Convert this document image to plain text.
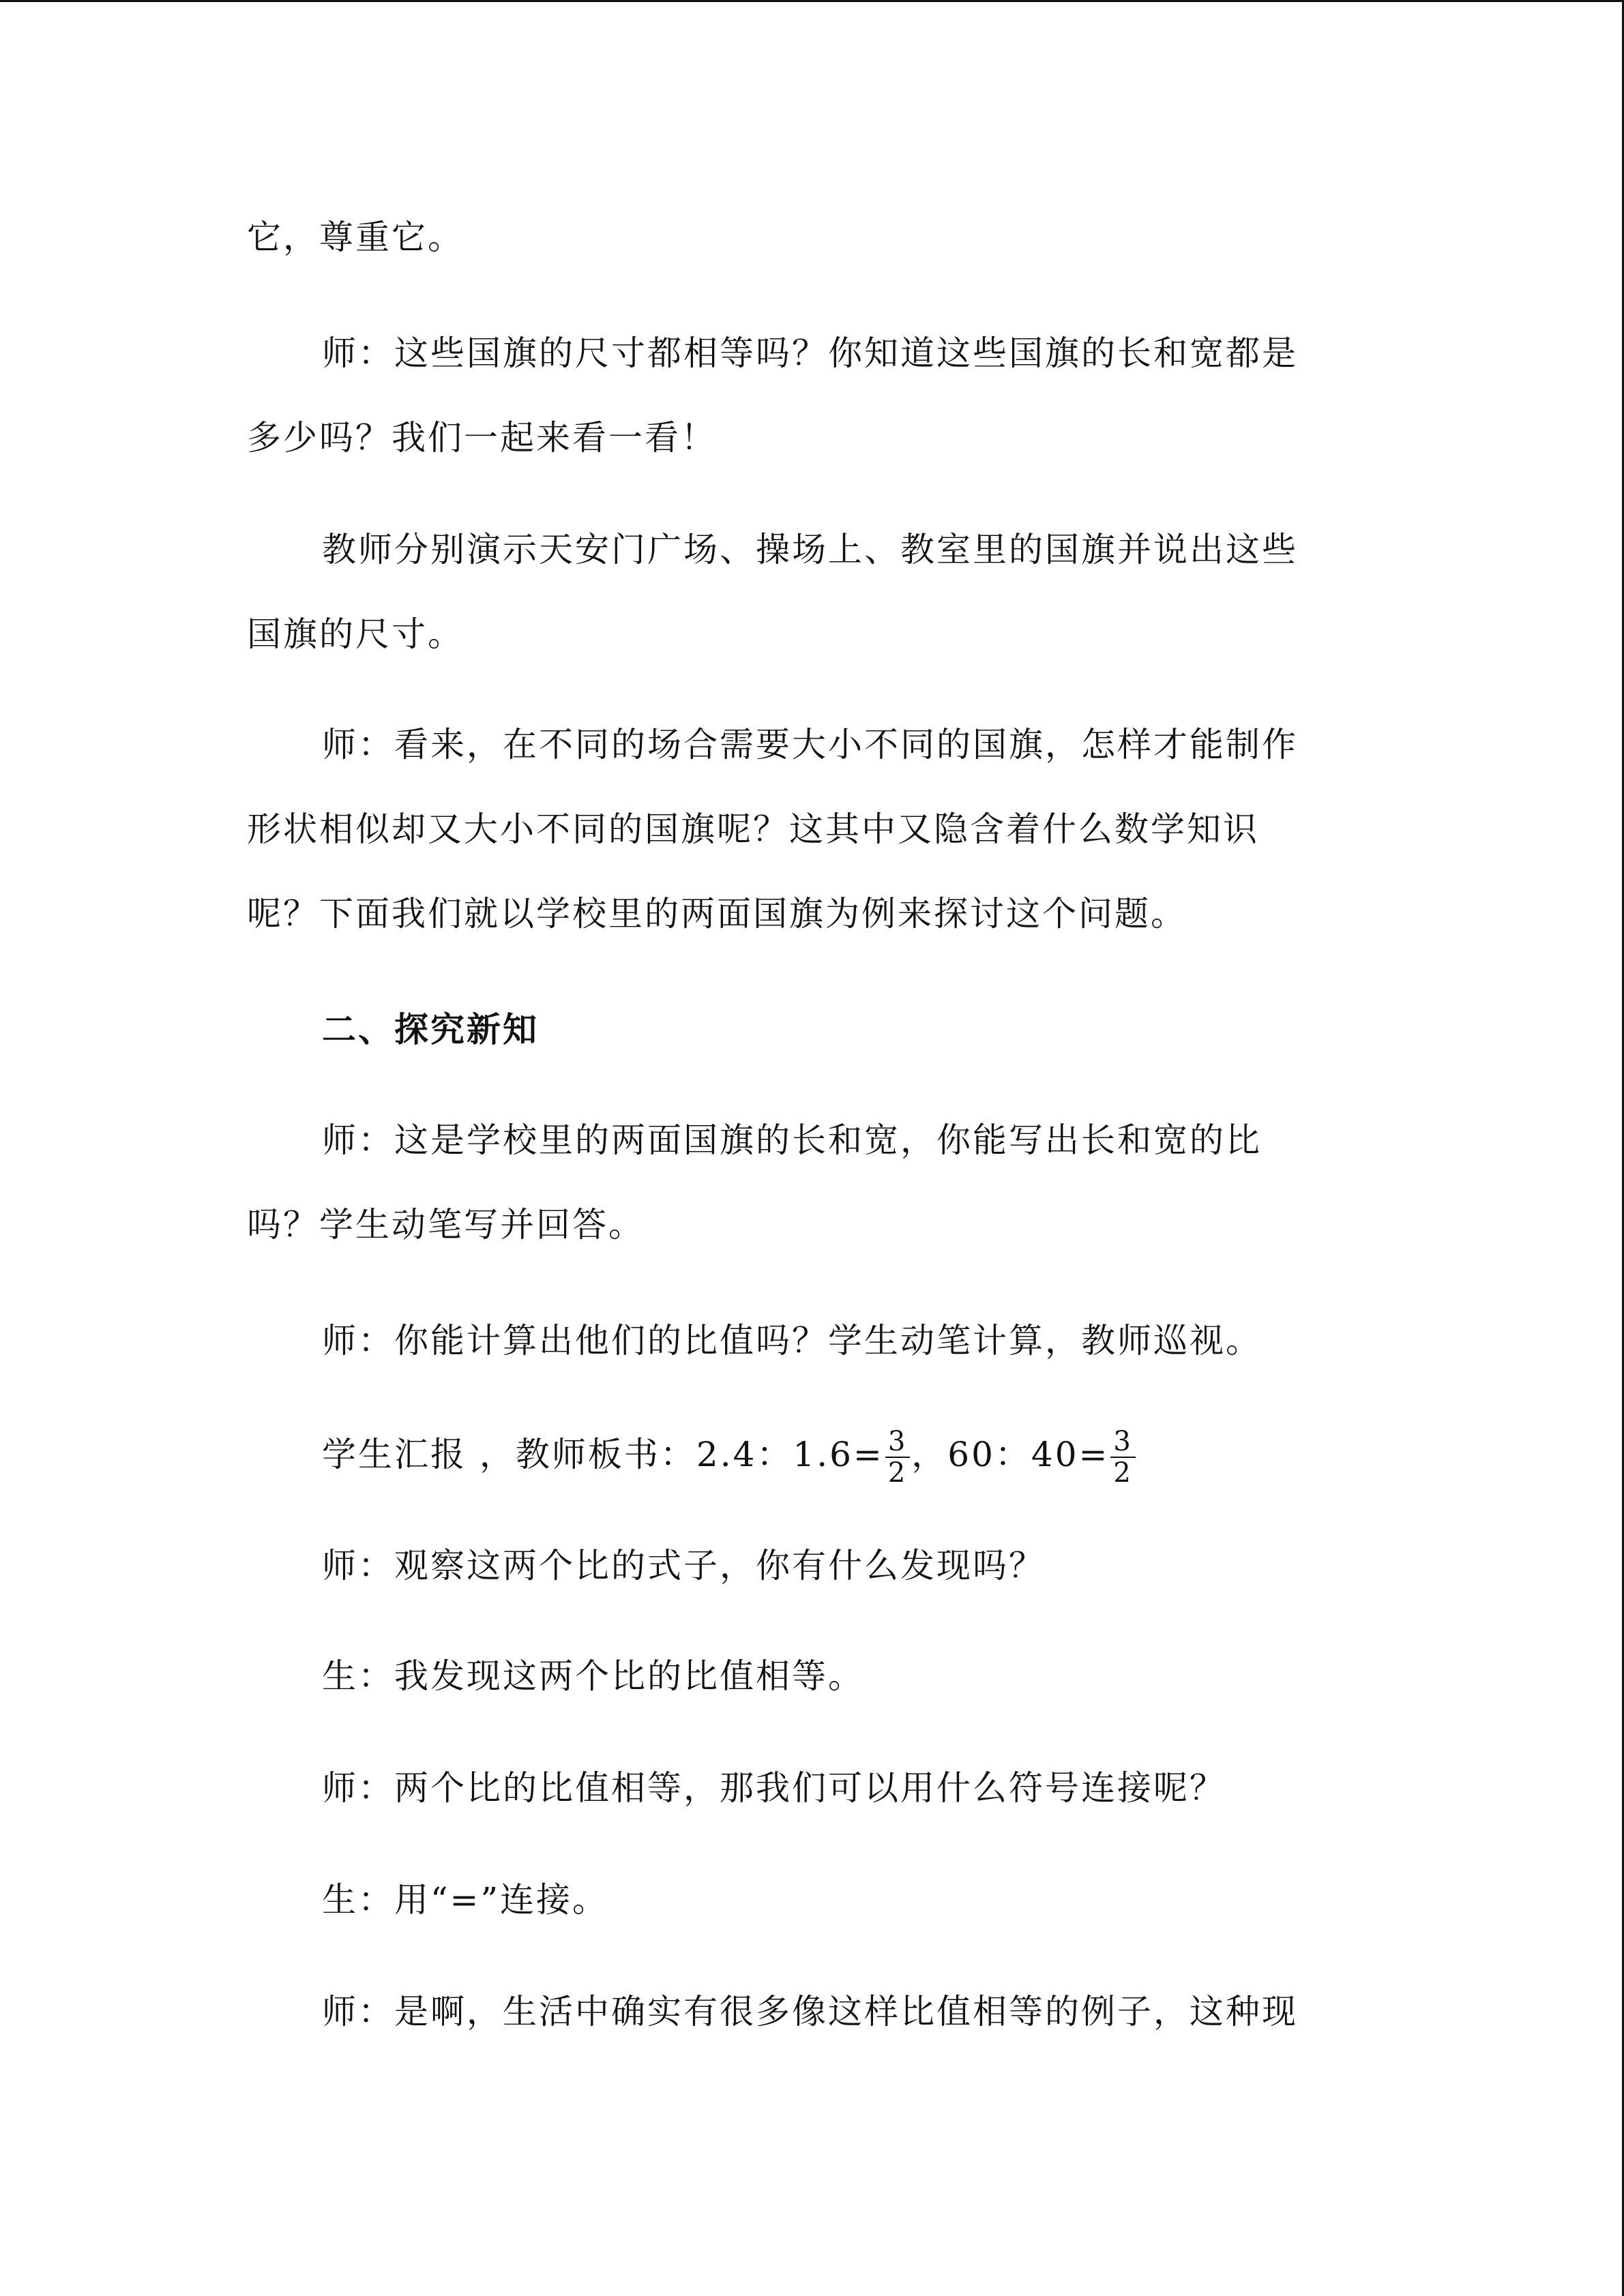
它，尊重它。
师：这些国旗的尺寸都相等吗？你知道这些国旗的长和宽都是
多少吗？我们一起来看一看！
教师分别演示天安门广场、操场上、教室里的国旗并说出这些
国旗的尺寸。
师：看来，在不同的场合需要大小不同的国旗，怎样才能制作
形状相似却又大小不同的国旗呢？这其中又隐含着什么数学知识
呢？下面我们就以学校里的两面国旗为例来探讨这个问题。
二、探究新知
师：这是学校里的两面国旗的长和宽，你能写出长和宽的比
吗？学生动笔写并回答。
师：你能计算出他们的比值吗？学生动笔计算，教师巡视。
学生汇报 ，教师板书：2.4：$1.6= \frac{3}{2}$ ，60：$40= \frac{3}{2}$
师：观察这两个比的式子，你有什么发现吗？
生：我发现这两个比的比值相等。
师：两个比的比值相等，那我们可以用什么符号连接呢？
生：用“=”连接。
师：是啊，生活中确实有很多像这样比值相等的例子，这种现
